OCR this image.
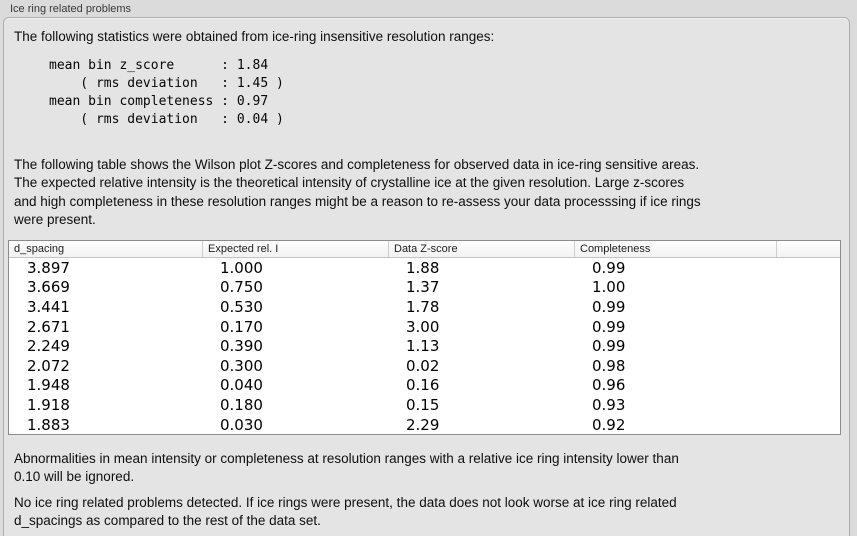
Ice ring related problems
The following statistics were obtained from ice-ring insensitive resolution ranges:
mean bin z_score      : 1.84
( rms deviation   : 1.45 )
mean bin completeness : 0.97
( rms deviation   : 0.04 )
The following table shows the Wilson plot Z-scores and completeness for observed data in ice-ring sensitive areas.
The expected relative intensity is the theoretical intensity of crystalline ice at the given resolution. Large z-scores
and high completeness in these resolution ranges might be a reason to re-assess your data processsing if ice rings
were present.
d_spacing	Expected rel. I	Data Z-score	Completeness
3.897	1.000	1.88	0.99
3.669	0.750	1.37	1.00
3.441	0.530	1.78	0.99
2.671	0.170	3.00	0.99
2.249	0.390	1.13	0.99
2.072	0.300	0.02	0.98
1.948	0.040	0.16	0.96
1.918	0.180	0.15	0.93
1.883	0.030	2.29	0.92
Abnormalities in mean intensity or completeness at resolution ranges with a relative ice ring intensity lower than
0.10 will be ignored.
No ice ring related problems detected. If ice rings were present, the data does not look worse at ice ring related
d_spacings as compared to the rest of the data set.
